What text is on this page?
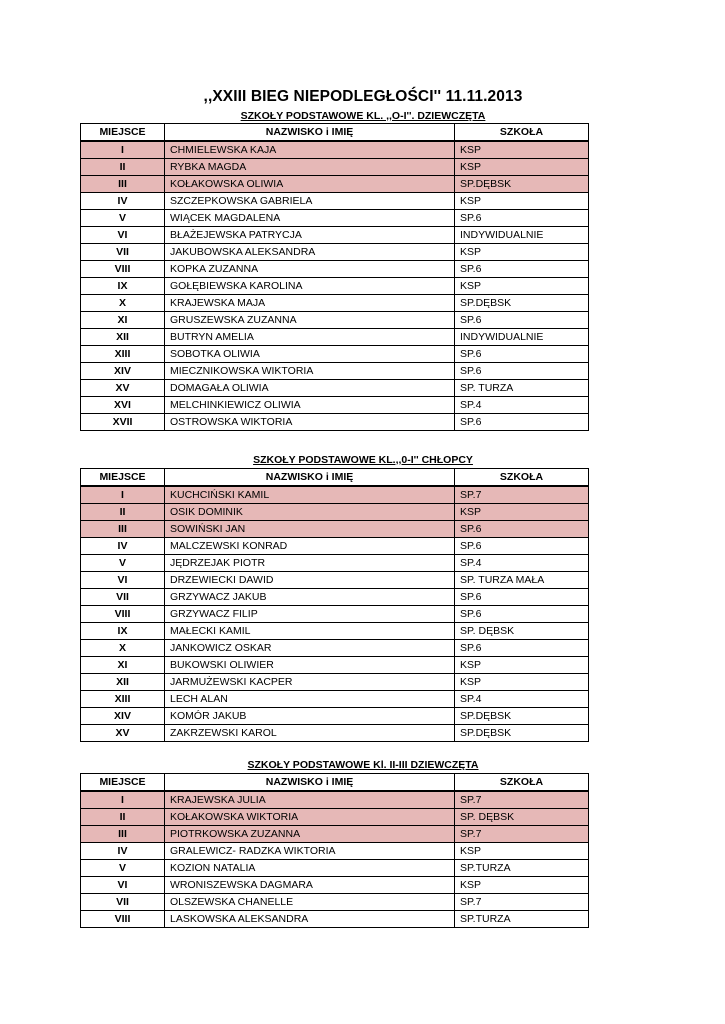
,,XXIII BIEG NIEPODLEGŁOŚCI'' 11.11.2013
SZKOŁY PODSTAWOWE KL. ,,O-I''. DZIEWCZĘTA
MIEJSCE	NAZWISKO i IMIĘ	SZKOŁA
I	CHMIELEWSKA KAJA	KSP
II	RYBKA MAGDA	KSP
III	KOŁAKOWSKA OLIWIA	SP.DĘBSK
IV	SZCZEPKOWSKA GABRIELA	KSP
V	WIĄCEK MAGDALENA	SP.6
VI	BŁAŻEJEWSKA PATRYCJA	INDYWIDUALNIE
VII	JAKUBOWSKA ALEKSANDRA	KSP
VIII	KOPKA ZUZANNA	SP.6
IX	GOŁĘBIEWSKA KAROLINA	KSP
X	KRAJEWSKA MAJA	SP.DĘBSK
XI	GRUSZEWSKA ZUZANNA	SP.6
XII	BUTRYN AMELIA	INDYWIDUALNIE
XIII	SOBOTKA OLIWIA	SP.6
XIV	MIECZNIKOWSKA WIKTORIA	SP.6
XV	DOMAGAŁA OLIWIA	SP. TURZA
XVI	MELCHINKIEWICZ OLIWIA	SP.4
XVII	OSTROWSKA WIKTORIA	SP.6
SZKOŁY PODSTAWOWE KL.,,0-I'' CHŁOPCY
MIEJSCE	NAZWISKO i IMIĘ	SZKOŁA
I	KUCHCIŃSKI KAMIL	SP.7
II	OSIK DOMINIK	KSP
III	SOWIŃSKI JAN	SP.6
IV	MALCZEWSKI KONRAD	SP.6
V	JĘDRZEJAK PIOTR	SP.4
VI	DRZEWIECKI DAWID	SP. TURZA MAŁA
VII	GRZYWACZ JAKUB	SP.6
VIII	GRZYWACZ FILIP	SP.6
IX	MAŁECKI KAMIL	SP. DĘBSK
X	JANKOWICZ OSKAR	SP.6
XI	BUKOWSKI OLIWIER	KSP
XII	JARMUŻEWSKI KACPER	KSP
XIII	LECH ALAN	SP.4
XIV	KOMÓR JAKUB	SP.DĘBSK
XV	ZAKRZEWSKI KAROL	SP.DĘBSK
SZKOŁY PODSTAWOWE Kl. II-III DZIEWCZĘTA
MIEJSCE	NAZWISKO i IMIĘ	SZKOŁA
I	KRAJEWSKA JULIA	SP.7
II	KOŁAKOWSKA WIKTORIA	SP. DĘBSK
III	PIOTRKOWSKA ZUZANNA	SP.7
IV	GRALEWICZ- RADZKA WIKTORIA	KSP
V	KOZION NATALIA	SP.TURZA
VI	WRONISZEWSKA DAGMARA	KSP
VII	OLSZEWSKA CHANELLE	SP.7
VIII	LASKOWSKA ALEKSANDRA	SP.TURZA
